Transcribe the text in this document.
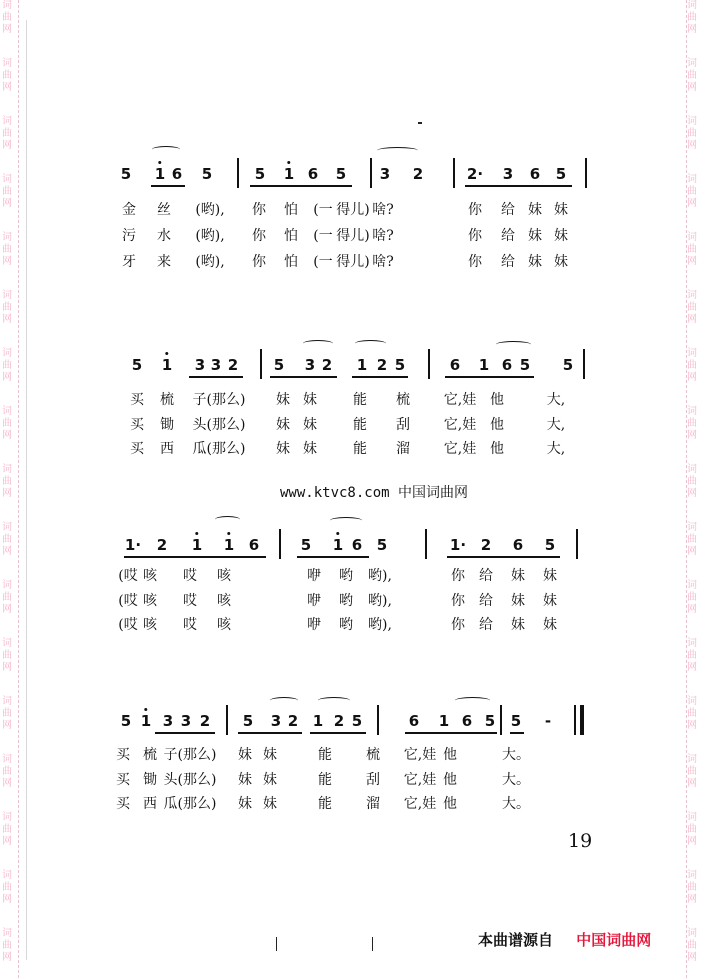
词
曲
网
词
曲
网
词
曲
网
词
曲
网
词
曲
网
词
曲
网
词
曲
网
词
曲
网
词
曲
网
词
曲
网
词
曲
网
词
曲
网
词
曲
网
词
曲
网
词
曲
网
词
曲
网
词
曲
网
词
曲
网
词
曲
网
词
曲
网
词
曲
网
词
曲
网
词
曲
网
词
曲
网
词
曲
网
词
曲
网
词
曲
网
词
曲
网
词
曲
网
词
曲
网
词
曲
网
词
曲
网
词
曲
网
词
曲
网
5 1 6 5	5 1 6 5 3 2	2· 3 6 5
金 丝 (哟), 你 怕 (一 得儿) 啥?	你 给 妹 妹
污 水 (哟), 你 怕 (一 得儿) 啥?	你 给 妹 妹
牙 来 (哟), 你 怕 (一 得儿) 啥?	你 给 妹 妹
5 1 3 3 2 5 3 2 1 2 5	6 1 6 5 5
买 梳 子(那么) 妹 妹	能 梳 它,娃 他	大,
买 锄 头(那么) 妹 妹	能 刮 它,娃 他	大,
买 西 瓜(那么) 妹 妹	能 溜 它,娃 他	大,
1· 2 1 1 6	5 1 6 5	1· 2 6 5
(哎 咳 哎 咳	咿 哟 哟),	你 给 妹 妹
(哎 咳 哎 咳	咿 哟 哟),	你 给 妹 妹
(哎 咳 哎 咳	咿 哟 哟),	你 给 妹 妹
5 1 3 3 2 5 3 2 1 2 5	6 1 6 5 5 -
买 梳 子(那么) 妹 妹	能 梳 它,娃 他	大。
买 锄 头(那么) 妹 妹	能 刮 它,娃 他	大。
买 西 瓜(那么) 妹 妹	能 溜 它,娃 他	大。
www.ktvc8.com 中国词曲网
19
本曲谱源自 中国词曲网
